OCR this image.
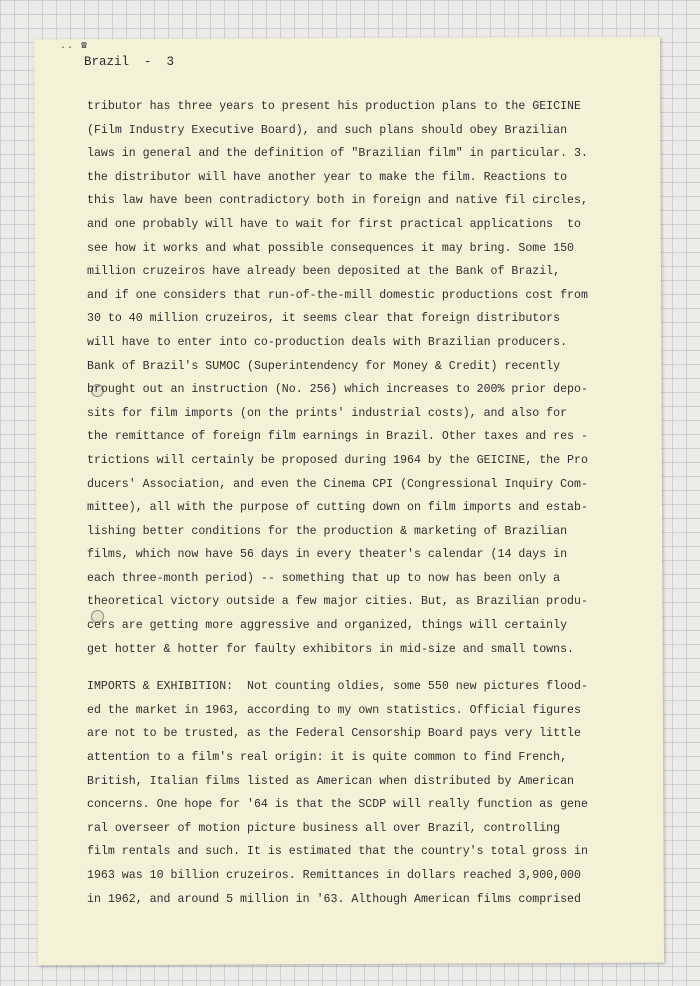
.. ☎
Brazil  -  3
tributor has three years to present his production plans to the GEICINE
(Film Industry Executive Board), and such plans should obey Brazilian
laws in general and the definition of "Brazilian film" in particular. 3.
the distributor will have another year to make the film. Reactions to
this law have been contradictory both in foreign and native fil circles,
and one probably will have to wait for first practical applications  to
see how it works and what possible consequences it may bring. Some 150
million cruzeiros have already been deposited at the Bank of Brazil,
and if one considers that run-of-the-mill domestic productions cost from
30 to 40 million cruzeiros, it seems clear that foreign distributors
will have to enter into co-production deals with Brazilian producers.
Bank of Brazil's SUMOC (Superintendency for Money & Credit) recently
brought out an instruction (No. 256) which increases to 200% prior depo-
sits for film imports (on the prints' industrial costs), and also for
the remittance of foreign film earnings in Brazil. Other taxes and res -
trictions will certainly be proposed during 1964 by the GEICINE, the Pro
ducers' Association, and even the Cinema CPI (Congressional Inquiry Com-
mittee), all with the purpose of cutting down on film imports and estab-
lishing better conditions for the production & marketing of Brazilian
films, which now have 56 days in every theater's calendar (14 days in
each three-month period) -- something that up to now has been only a
theoretical victory outside a few major cities. But, as Brazilian produ-
cers are getting more aggressive and organized, things will certainly
get hotter & hotter for faulty exhibitors in mid-size and small towns.
IMPORTS & EXHIBITION:  Not counting oldies, some 550 new pictures flood-
ed the market in 1963, according to my own statistics. Official figures
are not to be trusted, as the Federal Censorship Board pays very little
attention to a film's real origin: it is quite common to find French,
British, Italian films listed as American when distributed by American
concerns. One hope for '64 is that the SCDP will really function as gene
ral overseer of motion picture business all over Brazil, controlling
film rentals and such. It is estimated that the country's total gross in
1963 was 10 billion cruzeiros. Remittances in dollars reached 3,900,000
in 1962, and around 5 million in '63. Although American films comprised
